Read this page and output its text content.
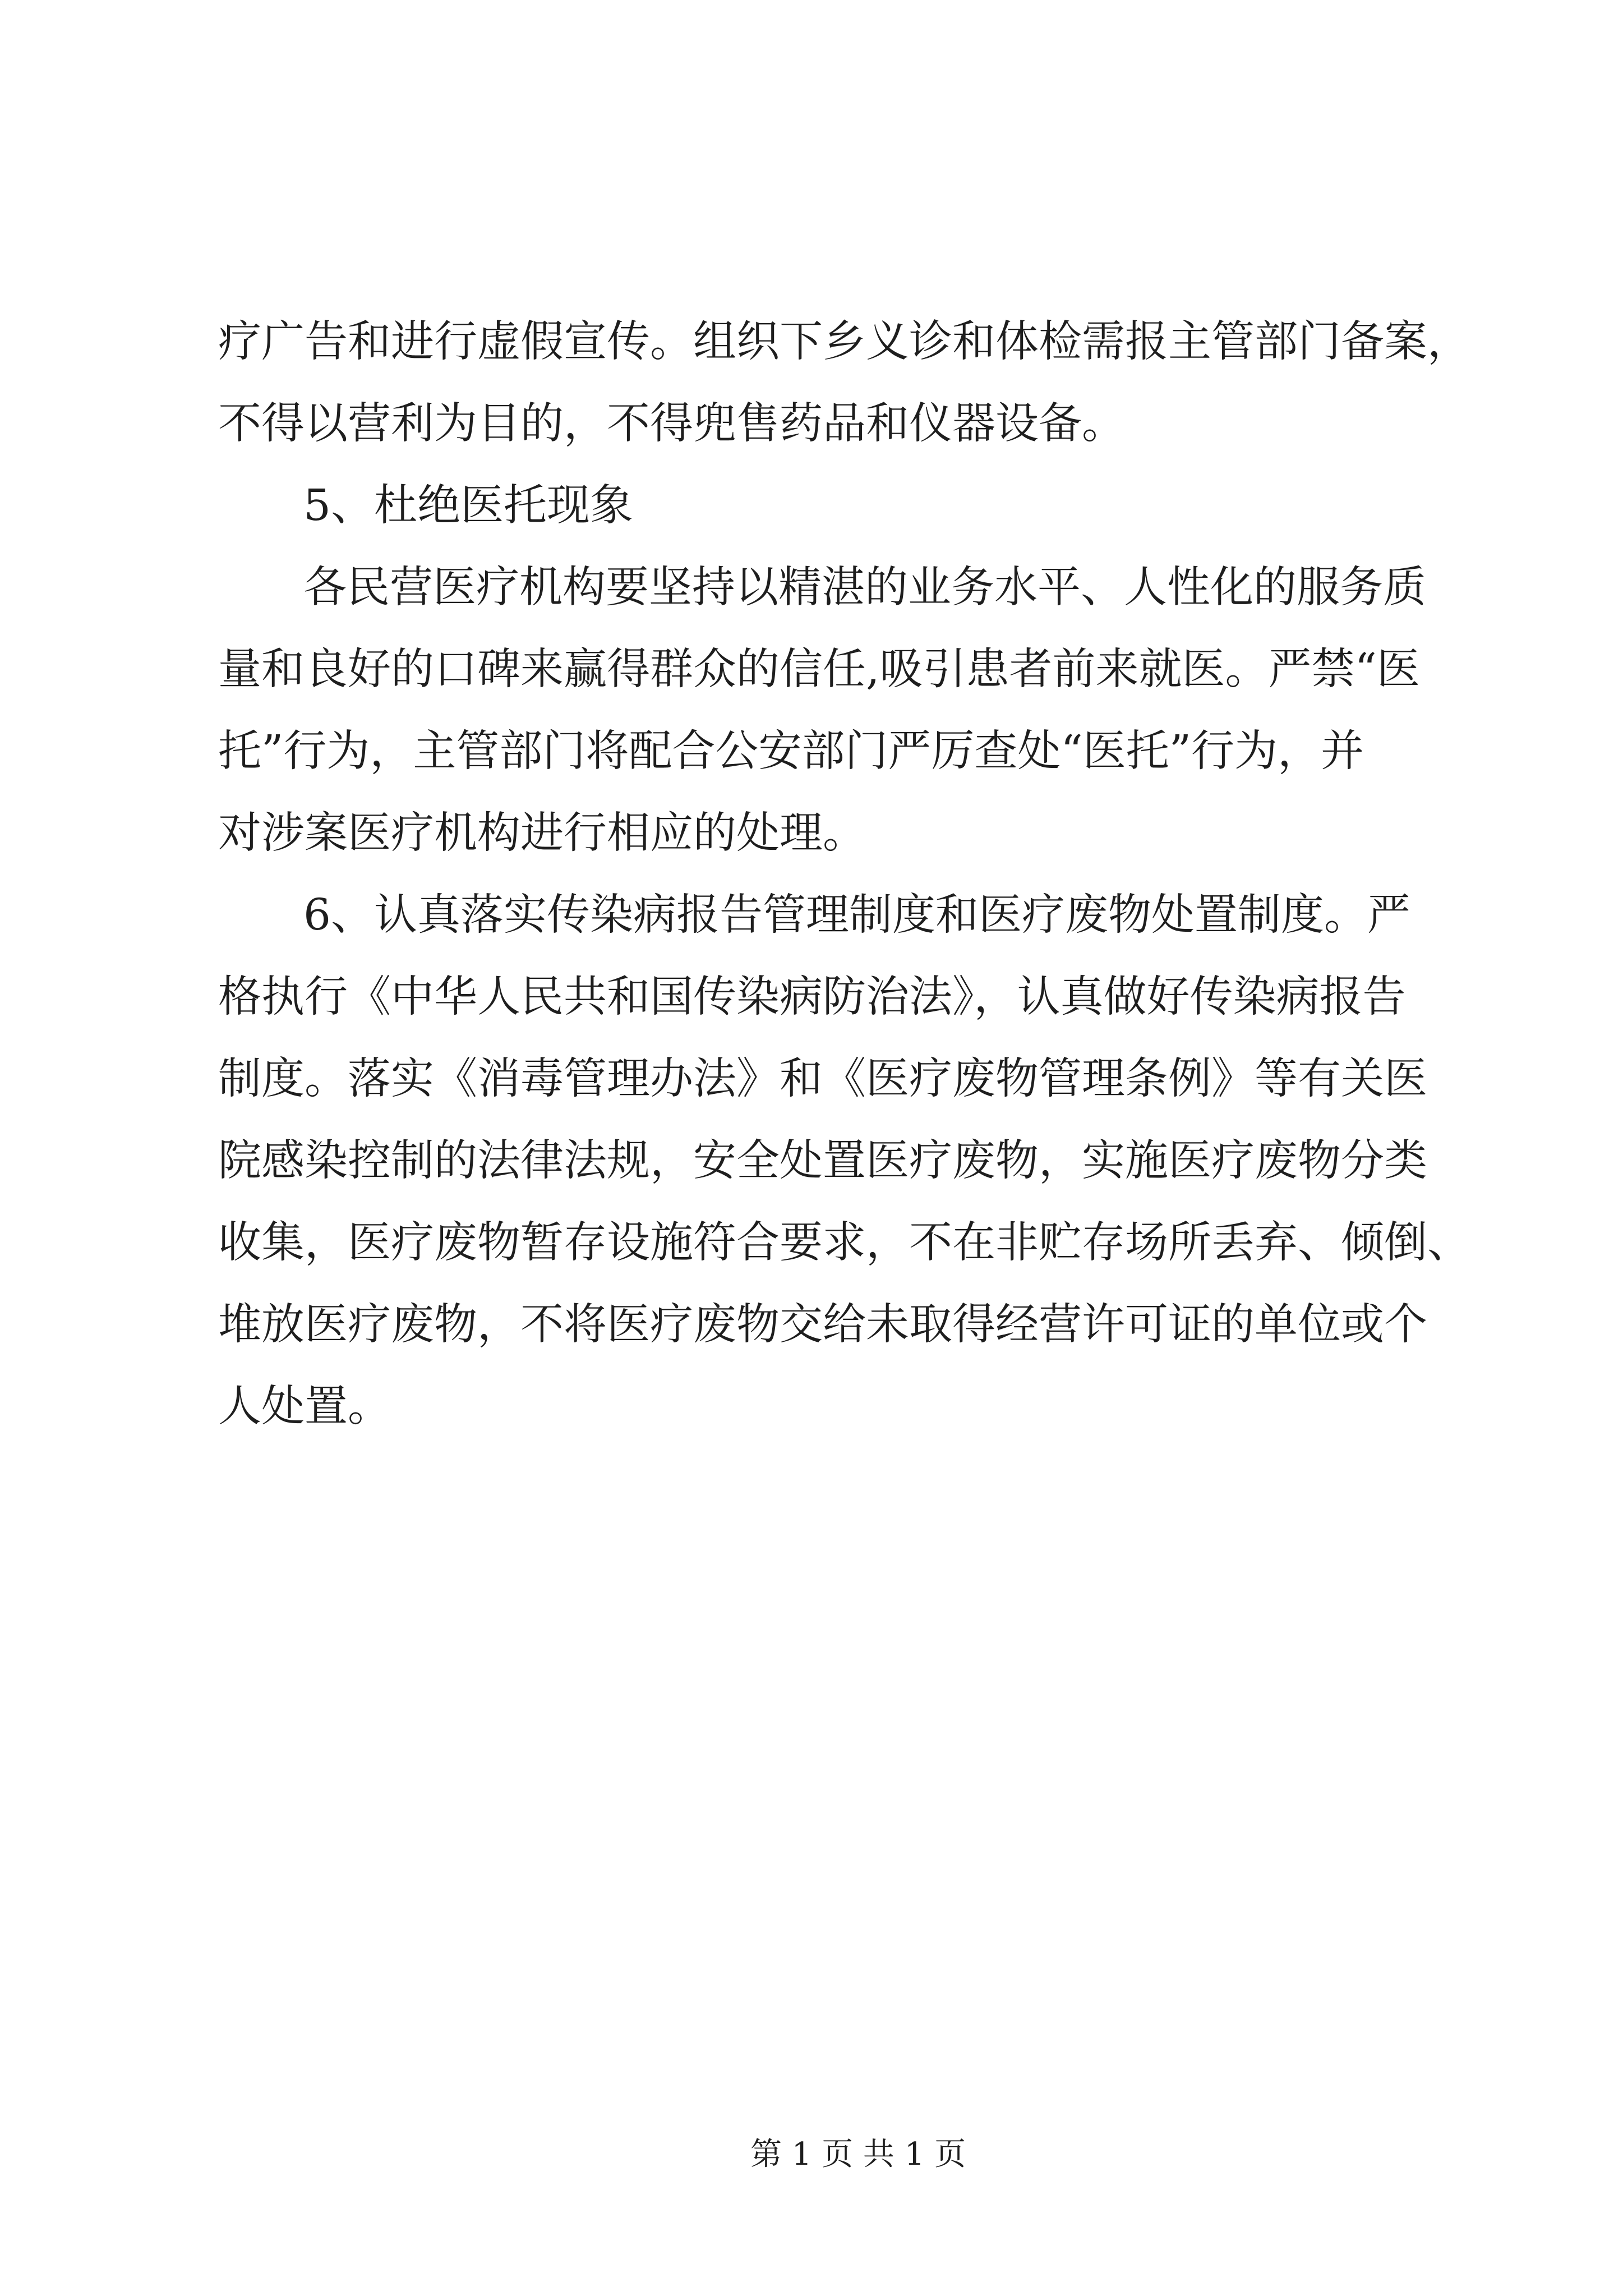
疗广告和进行虚假宣传。组织下乡义诊和体检需报主管部门备案，
不得以营利为目的，不得兜售药品和仪器设备。
5、杜绝医托现象
各民营医疗机构要坚持以精湛的业务水平、人性化的服务质
量和良好的口碑来赢得群众的信任,吸引患者前来就医。严禁“医
托”行为，主管部门将配合公安部门严厉查处“医托”行为，并
对涉案医疗机构进行相应的处理。
6、认真落实传染病报告管理制度和医疗废物处置制度。严
格执行《中华人民共和国传染病防治法》，认真做好传染病报告
制度。落实《消毒管理办法》和《医疗废物管理条例》等有关医
院感染控制的法律法规，安全处置医疗废物，实施医疗废物分类
收集，医疗废物暂存设施符合要求，不在非贮存场所丢弃、倾倒、
堆放医疗废物，不将医疗废物交给未取得经营许可证的单位或个
人处置。
第 1 页 共 1 页
